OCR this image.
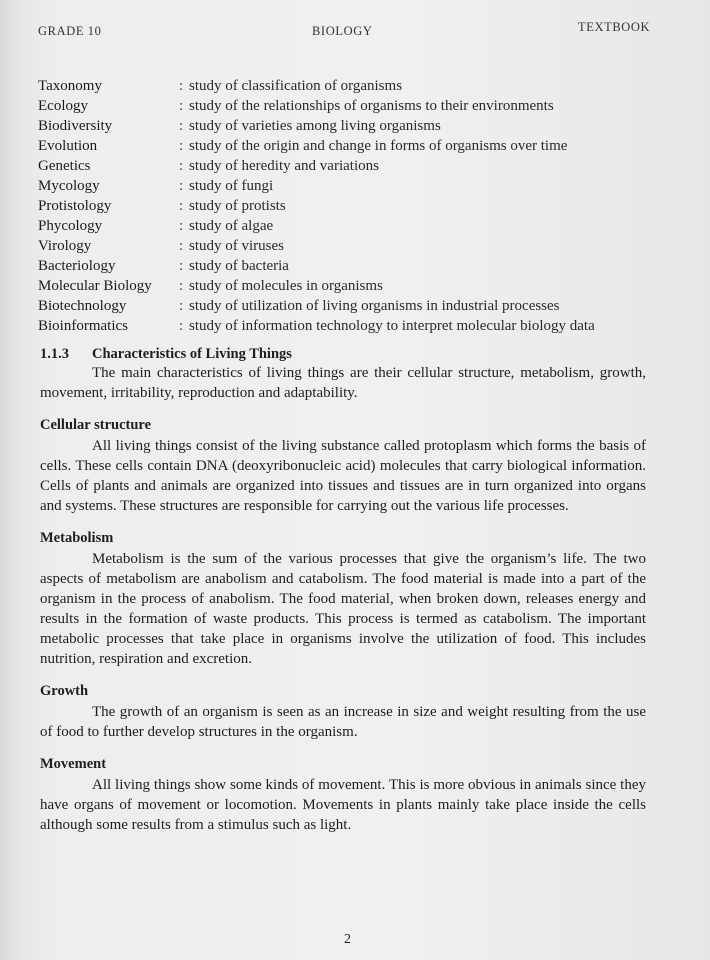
GRADE 10	BIOLOGY	TEXTBOOK
Taxonomy	: study of classification of organisms
Ecology	: study of the relationships of organisms to their environments
Biodiversity	: study of varieties among living organisms
Evolution	: study of the origin and change in forms of organisms over time
Genetics	: study of heredity and variations
Mycology	: study of fungi
Protistology	: study of protists
Phycology	: study of algae
Virology	: study of viruses
Bacteriology	: study of bacteria
Molecular Biology	: study of molecules in organisms
Biotechnology	: study of utilization of living organisms in industrial processes
Bioinformatics	: study of information technology to interpret molecular biology data
1.1.3 Characteristics of Living Things

The main characteristics of living things are their cellular structure, metabolism, growth, movement, irritability, reproduction and adaptability.

Cellular structure

All living things consist of the living substance called protoplasm which forms the basis of cells. These cells contain DNA (deoxyribonucleic acid) molecules that carry biological information. Cells of plants and animals are organized into tissues and tissues are in turn organized into organs and systems. These structures are responsible for carrying out the various life processes.

Metabolism

Metabolism is the sum of the various processes that give the organism’s life. The two aspects of metabolism are anabolism and catabolism. The food material is made into a part of the organism in the process of anabolism. The food material, when broken down, releases energy and results in the formation of waste products. This process is termed as catabolism. The important metabolic processes that take place in organisms involve the utilization of food. This includes nutrition, respiration and excretion.

Growth

The growth of an organism is seen as an increase in size and weight resulting from the use of food to further develop structures in the organism.

Movement

All living things show some kinds of movement. This is more obvious in animals since they have organs of movement or locomotion. Movements in plants mainly take place inside the cells although some results from a stimulus such as light.

2
